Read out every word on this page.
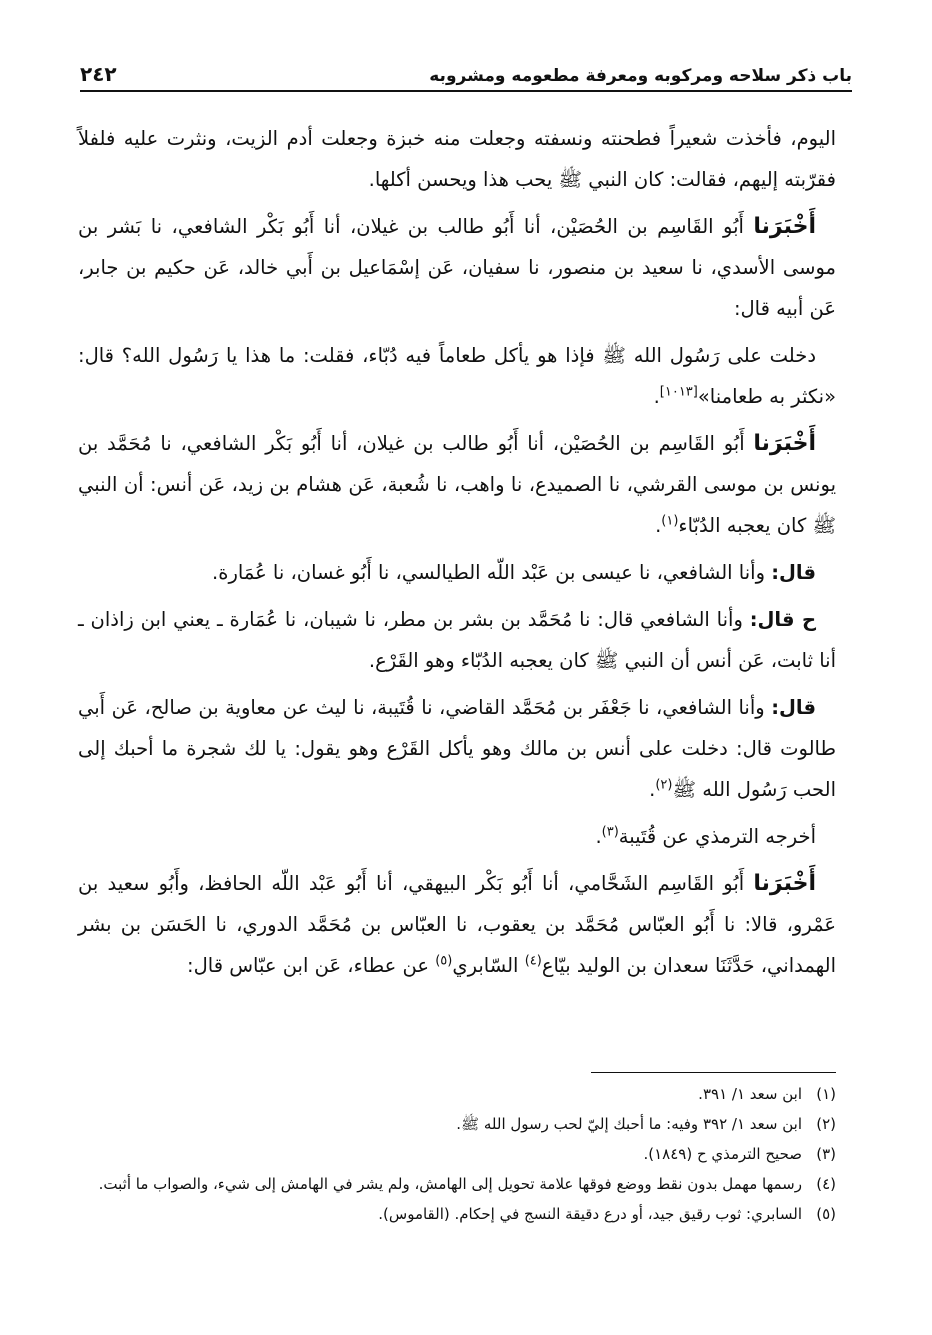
باب ذكر سلاحه ومركوبه ومعرفة مطعومه ومشروبه
٢٤٢

اليوم، فأخذت شعيراً فطحنته ونسفته وجعلت منه خبزة وجعلت أدم الزيت، ونثرت عليه فلفلاً فقرّبته إليهم، فقالت: كان النبي ﷺ يحب هذا ويحسن أكلها.

أَخْبَرَنا أَبُو القَاسِم بن الحُصَيْن، أنا أَبُو طالب بن غيلان، أنا أَبُو بَكْر الشافعي، نا بَشر بن موسى الأسدي، نا سعيد بن منصور، نا سفيان، عَن إسْمَاعيل بن أَبي خالد، عَن حكيم بن جابر، عَن أبيه قال:

دخلت على رَسُول الله ﷺ فإذا هو يأكل طعاماً فيه دُبّاء، فقلت: ما هذا يا رَسُول الله؟ قال: «نكثر به طعامنا»[١٠١٣].

أَخْبَرَنا أَبُو القَاسِم بن الحُصَيْن، أنا أَبُو طالب بن غيلان، أنا أَبُو بَكْر الشافعي، نا مُحَمَّد بن يونس بن موسى القرشي، نا الصميدع، نا واهب، نا شُعبة، عَن هشام بن زيد، عَن أنس: أن النبي ﷺ كان يعجبه الدُبّاء$^{(١)}$.

قال: وأنا الشافعي، نا عيسى بن عَبْد اللّه الطيالسي، نا أَبُو غسان، نا عُمَارة.

ح قال: وأنا الشافعي قال: نا مُحَمَّد بن بشر بن مطر، نا شيبان، نا عُمَارة ـ يعني ابن زاذان ـ أنا ثابت، عَن أنس أن النبي ﷺ كان يعجبه الدُبّاء وهو القَرْع.

قال: وأنا الشافعي، نا جَعْفَر بن مُحَمَّد القاضي، نا قُتَيبة، نا ليث عن معاوية بن صالح، عَن أَبي طالوت قال: دخلت على أنس بن مالك وهو يأكل القَرْع وهو يقول: يا لك شجرة ما أحبك إلى الحب رَسُول الله ﷺ$^{(٢)}$.

أخرجه الترمذي عن قُتَيبة$^{(٣)}$.

أَخْبَرَنا أَبُو القَاسِم الشَحَّامي، أنا أَبُو بَكْر البيهقي، أنا أَبُو عَبْد اللّه الحافظ، وأَبُو سعيد بن عَمْرو، قالا: نا أَبُو العبّاس مُحَمَّد بن يعقوب، نا العبّاس بن مُحَمَّد الدوري، نا الحَسَن بن بشر الهمداني، حَدَّثَنَا سعدان بن الوليد بيّاع$^{(٤)}$ السّابري$^{(٥)}$ عن عطاء، عَن ابن عبّاس قال:

(١)
ابن سعد ١/ ٣٩١.
(٢)
ابن سعد ١/ ٣٩٢ وفيه: ما أحبك إليّ لحب رسول الله ﷺ.
(٣)
صحيح الترمذي ح (١٨٤٩).
(٤)
رسمها مهمل بدون نقط ووضع فوقها علامة تحويل إلى الهامش، ولم يشر في الهامش إلى شيء، والصواب ما أثبت.
(٥)
السابري: ثوب رقيق جيد، أو درع دقيقة النسج في إحكام. (القاموس).
